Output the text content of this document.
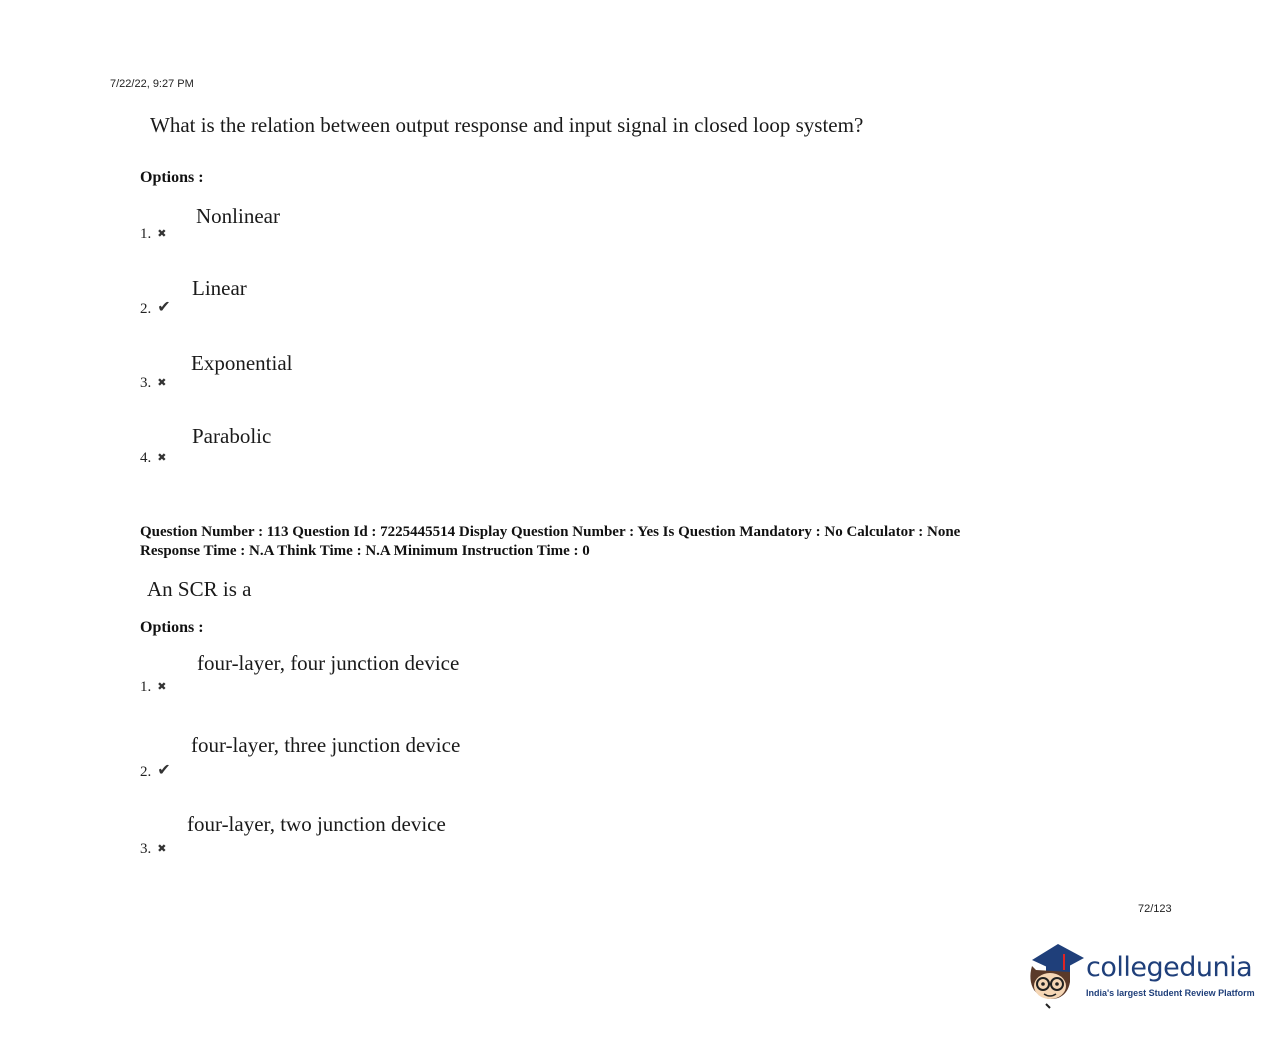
7/22/22, 9:27 PM
What is the relation between output response and input signal in closed loop system?
Options :
Nonlinear
1. ✖
Linear
2. ✔
Exponential
3. ✖
Parabolic
4. ✖
Question Number : 113 Question Id : 7225445514 Display Question Number : Yes Is Question Mandatory : No Calculator : None
Response Time : N.A Think Time : N.A Minimum Instruction Time : 0
An SCR is a
Options :
four-layer, four junction device
1. ✖
four-layer, three junction device
2. ✔
four-layer, two junction device
3. ✖
72/123
collegedunia
India's largest Student Review Platform
